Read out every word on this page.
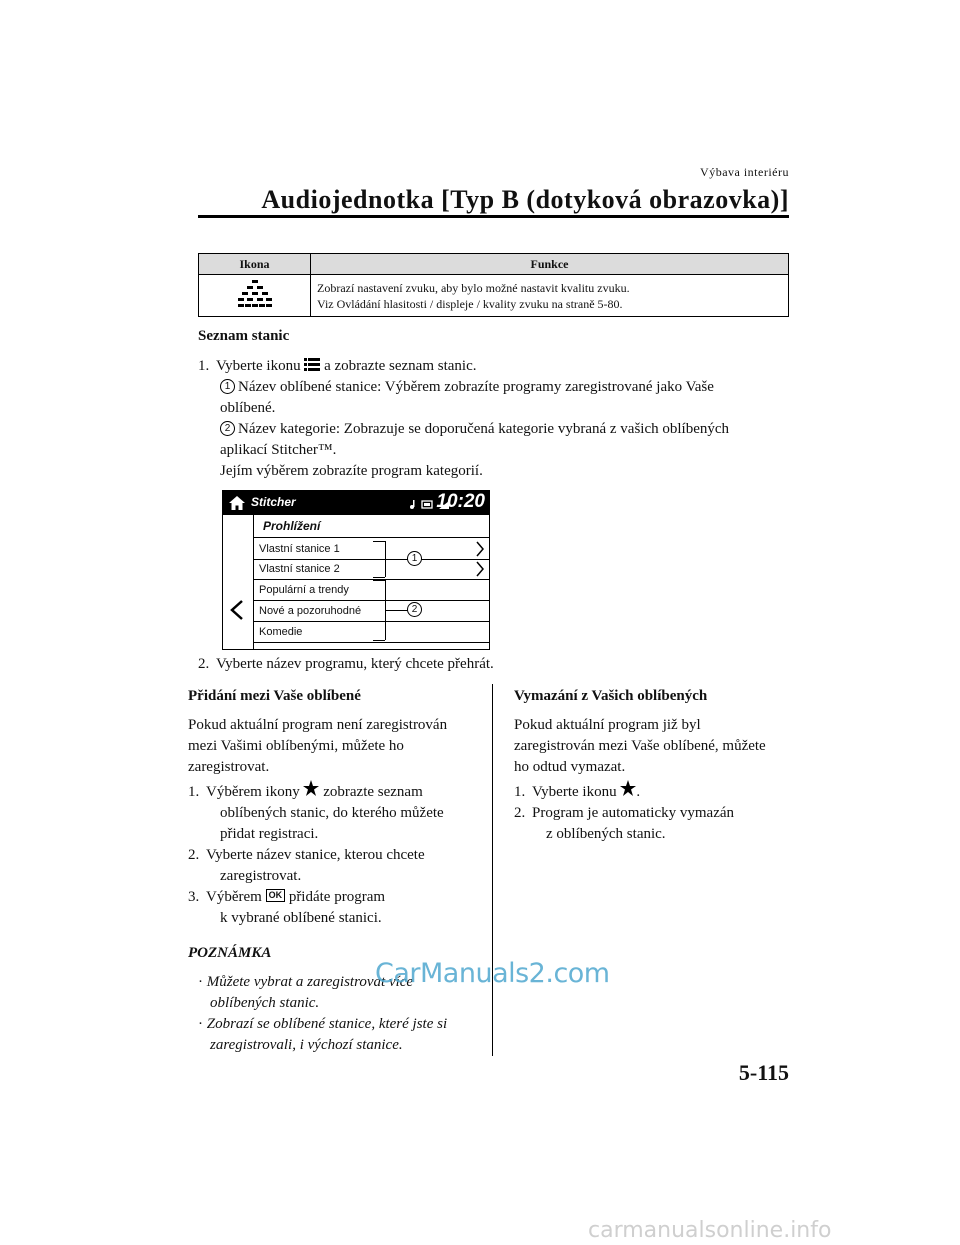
Výbava interiéru
Audiojednotka [Typ B (dotyková obrazovka)]
Ikona	Funkce

Zobrazí nastavení zvuku, aby bylo možné nastavit kvalitu zvuku.
Viz Ovládání hlasitosti / displeje / kvality zvuku na straně 5-80.
Seznam stanic
1. Vyberte ikonu a zobrazte seznam stanic.
1 Název oblíbené stanice: Výběrem zobrazíte programy zaregistrované jako Vaše
oblíbené.
2 Název kategorie: Zobrazuje se doporučená kategorie vybraná z vašich oblíbených
aplikací Stitcher™.
Jejím výběrem zobrazíte program kategorií.
Stitcher	10:20
Prohlížení
Vlastní stanice 1
Vlastní stanice 2
Populární a trendy
Nové a pozoruhodné
Komedie
1
2
2. Vyberte název programu, který chcete přehrát.
Přidání mezi Vaše oblíbené
Pokud aktuální program není zaregistrován
mezi Vašimi oblíbenými, můžete ho
zaregistrovat.
1. Výběrem ikony zobrazte seznam
oblíbených stanic, do kterého můžete
přidat registraci.
2. Vyberte název stanice, kterou chcete
zaregistrovat.
3. Výběrem OK přidáte program
k vybrané oblíbené stanici.
POZNÁMKA
· Můžete vybrat a zaregistrovat více
oblíbených stanic.
· Zobrazí se oblíbené stanice, které jste si
zaregistrovali, i výchozí stanice.
Vymazání z Vašich oblíbených
Pokud aktuální program již byl
zaregistrován mezi Vaše oblíbené, můžete
ho odtud vymazat.
1. Vyberte ikonu .
2. Program je automaticky vymazán
z oblíbených stanic.
CarManuals2.com
5-115
carmanualsonline.info
